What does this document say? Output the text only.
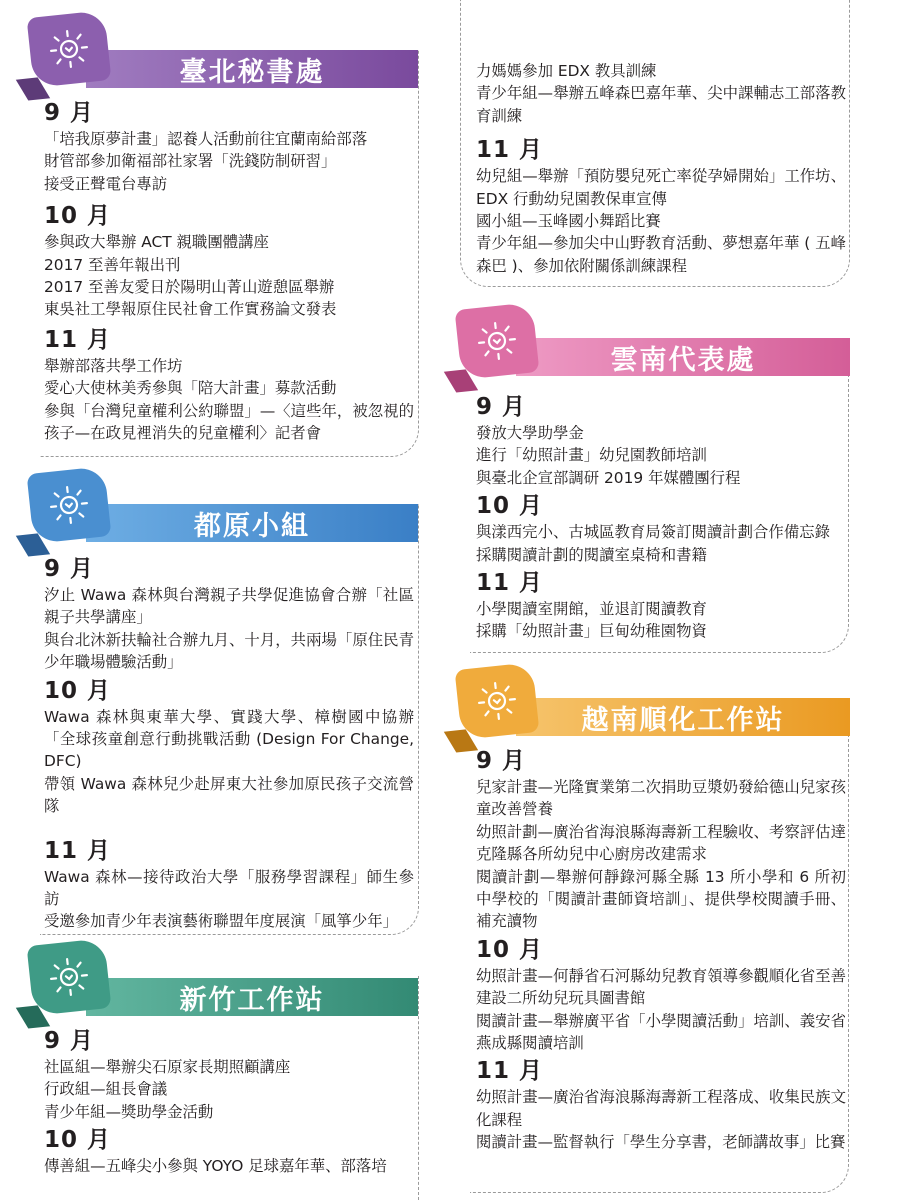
臺北秘書處

9 月

「培我原夢計畫」認養人活動前往宜蘭南給部落

財管部參加衛福部社家署「洗錢防制研習」

接受正聲電台專訪

10 月

參與政大舉辦 ACT 親職團體講座

2017 至善年報出刊

2017 至善友愛日於陽明山菁山遊憩區舉辦

東吳社工學報原住民社會工作實務論文發表

11 月

舉辦部落共學工作坊

愛心大使林美秀參與「陪大計畫」募款活動

參與「台灣兒童權利公約聯盟」—〈這些年，被忽視的孩子—在政見裡消失的兒童權利〉記者會

都原小組

9 月

汐止 Wawa 森林與台灣親子共學促進協會合辦「社區親子共學講座」

與台北沐新扶輪社合辦九月、十月，共兩場「原住民青少年職場體驗活動」

10 月

Wawa 森林與東華大學、實踐大學、樟樹國中協辦「全球孩童創意行動挑戰活動 (Design For Change, DFC)

帶領 Wawa 森林兒少赴屏東大社參加原民孩子交流營隊

11 月

Wawa 森林—接待政治大學「服務學習課程」師生參訪

受邀參加青少年表演藝術聯盟年度展演「風箏少年」

新竹工作站

9 月

社區組—舉辦尖石原家長期照顧講座

行政組—組長會議

青少年組—獎助學金活動

10 月

傳善組—五峰尖小參與 YOYO 足球嘉年華、部落培

力媽媽參加 EDX 教具訓練

青少年組—舉辦五峰森巴嘉年華、尖中課輔志工部落教育訓練

11 月

幼兒組—舉辦「預防嬰兒死亡率從孕婦開始」工作坊、EDX 行動幼兒園教保車宣傳

國小組—玉峰國小舞蹈比賽

青少年組—參加尖中山野教育活動、夢想嘉年華 ( 五峰森巴 )、參加依附關係訓練課程

雲南代表處

9 月

發放大學助學金

進行「幼照計畫」幼兒園教師培訓

與臺北企宣部調研 2019 年媒體團行程

10 月

與漾西完小、古城區教育局簽訂閱讀計劃合作備忘錄

採購閱讀計劃的閱讀室桌椅和書籍

11 月

小學閱讀室開館，並退訂閱讀教育

採購「幼照計畫」巨甸幼稚園物資

越南順化工作站

9 月

兒家計畫—光隆實業第二次捐助豆漿奶發給德山兒家孩童改善營養

幼照計劃—廣治省海浪縣海壽新工程驗收、考察評估達克隆縣各所幼兒中心廚房改建需求

閱讀計劃—舉辦何靜錄河縣全縣 13 所小學和 6 所初中學校的「閱讀計畫師資培訓」、提供學校閱讀手冊、補充讀物

10 月

幼照計畫—何靜省石河縣幼兒教育領導參觀順化省至善建設二所幼兒玩具圖書館

閱讀計畫—舉辦廣平省「小學閱讀活動」培訓、義安省燕成縣閱讀培訓

11 月

幼照計畫—廣治省海浪縣海壽新工程落成、收集民族文化課程

閱讀計畫—監督執行「學生分享書，老師講故事」比賽
